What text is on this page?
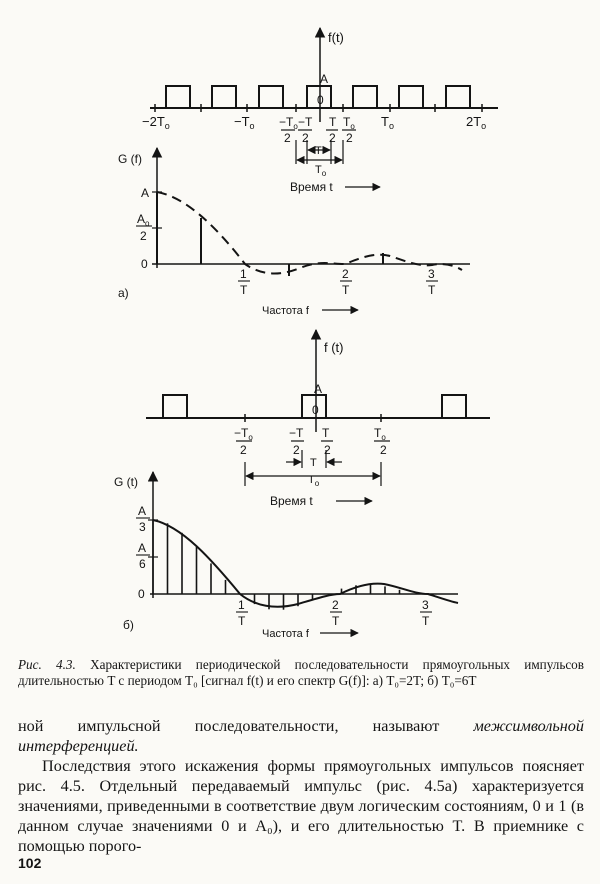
f(t)
A
0
$-2T_o$	$-T_o -T_o$
2
−T
2
T
2
$T_o$
2
$T_o$	$2T_o$
T
$T_o$
Время t
G (f)
A
$A_o$
2
0
1
T
2
T
3
T
Частота f
а)
f (t)
A
0
$-T_o$
2
−T
2
T
2
$T_o$
2
T
$T_o$
Время t
G (t)
A
3
A
6
0
1
T
2
T
3
T
Частота f
б)
Рис. 4.3. Характеристики периодической последовательности прямоугольных импульсов длительностью T с периодом T₀ [сигнал f(t) и его спектр G(f)]: а) T₀=2T; б) T₀=6T

ной импульсной последовательности, называют межсимвольной интерференцией.

Последствия этого искажения формы прямоугольных импульсов поясняет рис. 4.5. Отдельный передаваемый импульс (рис. 4.5а) характеризуется значениями, приведенными в соответствие двум логическим состояниям, 0 и 1 (в данном случае значениями 0 и A₀), и его длительностью T. В приемнике с помощью порого-

102
